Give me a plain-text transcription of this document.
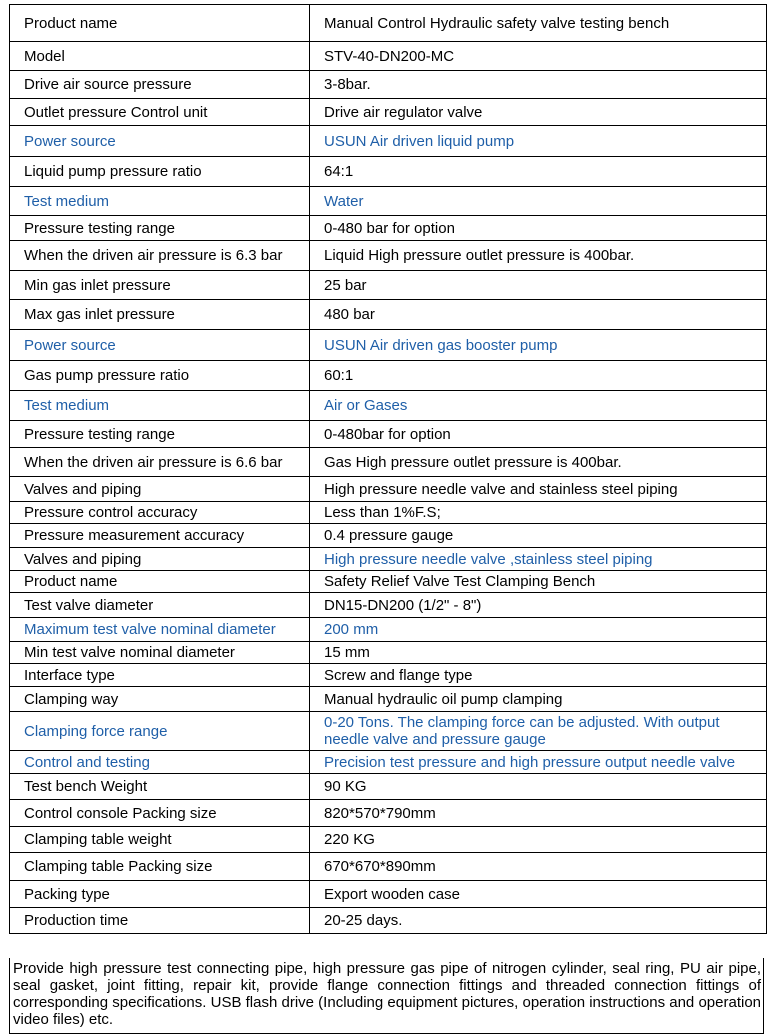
Product name	Manual Control Hydraulic safety valve testing bench
Model	STV-40-DN200-MC
Drive air source pressure	3-8bar.
Outlet pressure Control unit	Drive air regulator valve
Power source	USUN Air driven liquid pump
Liquid pump pressure ratio	64:1
Test medium	Water
Pressure testing range	0-480 bar for option
When the driven air pressure is 6.3 bar	Liquid High pressure outlet pressure is 400bar.
Min gas inlet pressure	25 bar
Max gas inlet pressure	480 bar
Power source	USUN Air driven gas booster pump
Gas pump pressure ratio	60:1
Test medium	Air or Gases
Pressure testing range	0-480bar for option
When the driven air pressure is 6.6 bar	Gas High pressure outlet pressure is 400bar.
Valves and piping	High pressure needle valve and stainless steel piping
Pressure control accuracy	Less than 1%F.S;
Pressure measurement accuracy	0.4 pressure gauge
Valves and piping	High pressure needle valve ,stainless steel piping
Product name	Safety Relief Valve Test Clamping Bench
Test valve diameter	DN15-DN200 (1/2" - 8")
Maximum test valve nominal diameter	200 mm
Min test valve nominal diameter	15 mm
Interface type	Screw and flange type
Clamping way	Manual hydraulic oil pump clamping
Clamping force range	0-20 Tons. The clamping force can be adjusted. With output needle valve and pressure gauge
Control and testing	Precision test pressure and high pressure output needle valve
Test bench Weight	90 KG
Control console Packing size	820*570*790mm
Clamping table weight	220 KG
Clamping table Packing size	670*670*890mm
Packing type	Export wooden case
Production time	20-25 days.
Provide high pressure test connecting pipe, high pressure gas pipe of nitrogen cylinder, seal ring, PU air pipe, seal gasket, joint fitting, repair kit, provide flange connection fittings and threaded connection fittings of corresponding specifications. USB flash drive (Including equipment pictures, operation instructions and operation video files) etc.
